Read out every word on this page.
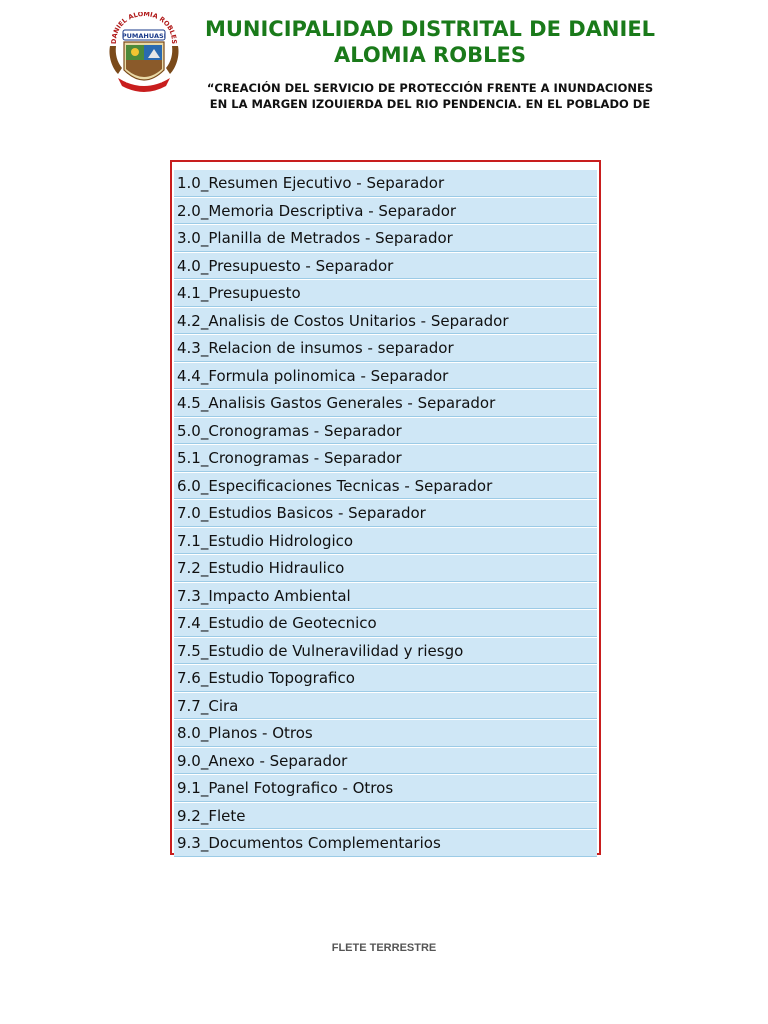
DANIEL ALOMIA ROBLES
PUMAHUASI MUNICIPALIDAD DISTRITAL DE DANIEL ALOMIA ROBLES
“CREACIÓN DEL SERVICIO DE PROTECCIÓN FRENTE A INUNDACIONES
EN LA MARGEN IZOUIERDA DEL RIO PENDENCIA. EN EL POBLADO DE
1.0_Resumen Ejecutivo - Separador
2.0_Memoria Descriptiva - Separador
3.0_Planilla de Metrados - Separador
4.0_Presupuesto - Separador
4.1_Presupuesto
4.2_Analisis de Costos Unitarios - Separador
4.3_Relacion de insumos - separador
4.4_Formula polinomica - Separador
4.5_Analisis Gastos Generales - Separador
5.0_Cronogramas - Separador
5.1_Cronogramas - Separador
6.0_Especificaciones Tecnicas - Separador
7.0_Estudios Basicos - Separador
7.1_Estudio Hidrologico
7.2_Estudio Hidraulico
7.3_Impacto Ambiental
7.4_Estudio de Geotecnico
7.5_Estudio de Vulneravilidad y riesgo
7.6_Estudio Topografico
7.7_Cira
8.0_Planos - Otros
9.0_Anexo - Separador
9.1_Panel Fotografico - Otros
9.2_Flete
9.3_Documentos Complementarios
FLETE TERRESTRE
